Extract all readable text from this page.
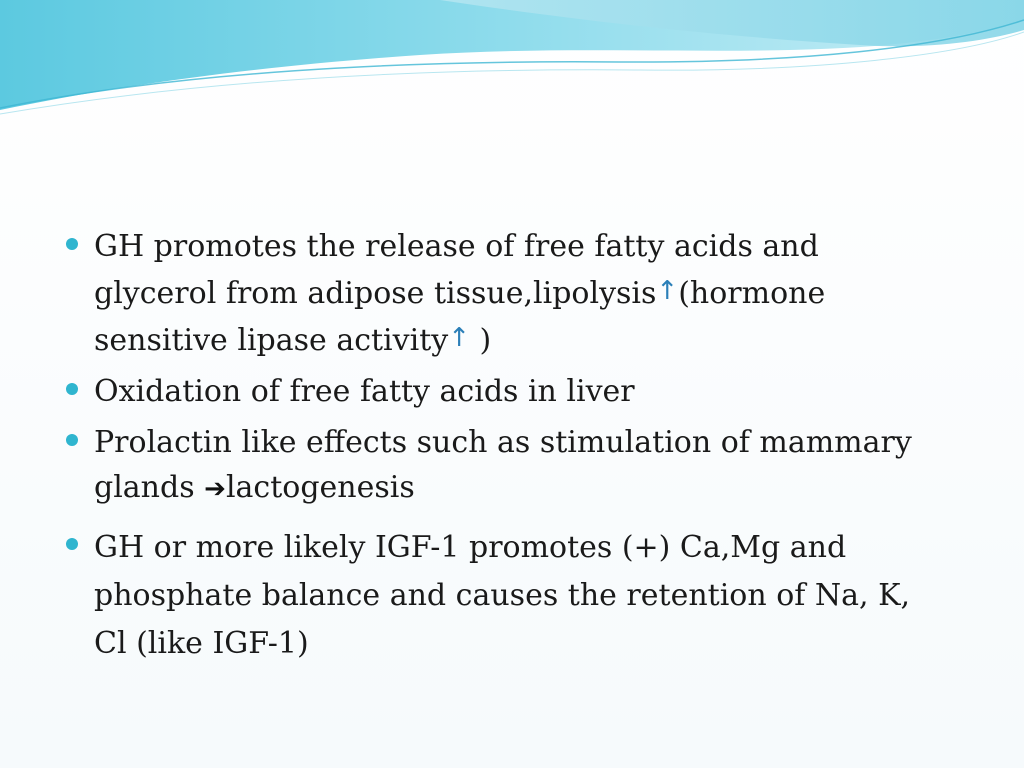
GH promotes the release of free fatty acids and
glycerol from adipose tissue,lipolysis↑(hormone
sensitive lipase activity↑ )
Oxidation of free fatty acids in liver
Prolactin like effects such as stimulation of mammary
glands ➔lactogenesis
GH or more likely IGF-1 promotes (+) Ca,Mg and
phosphate balance and causes the retention of Na, K,
Cl (like IGF-1)
